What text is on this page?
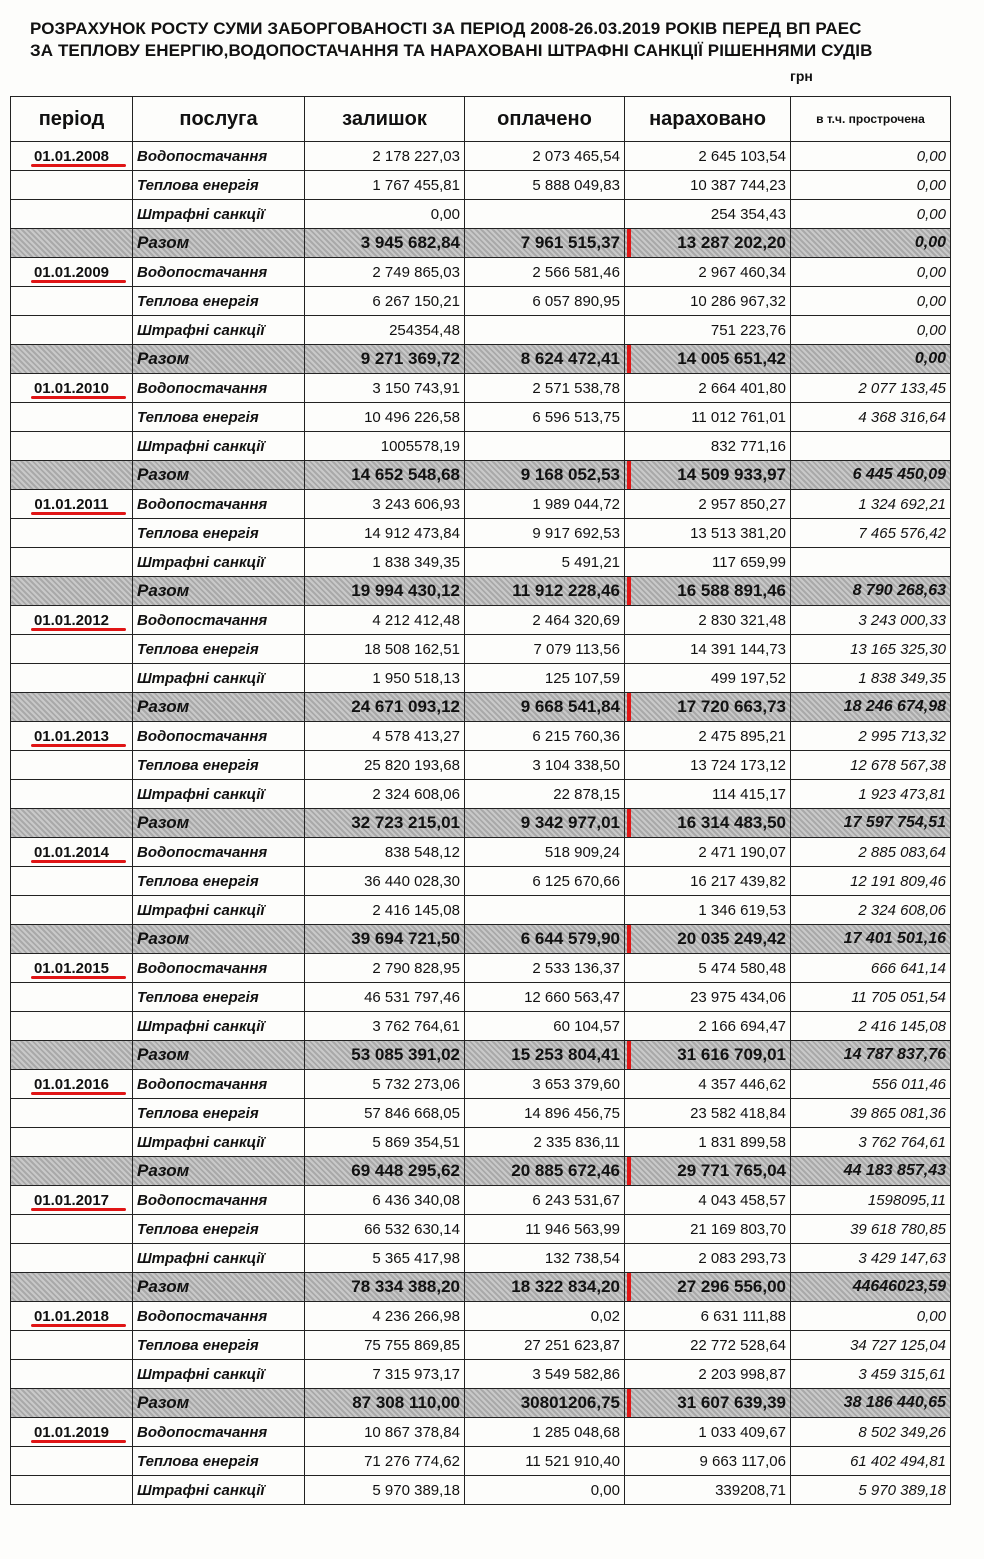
РОЗРАХУНОК РОСТУ СУМИ ЗАБОРГОВАНОСТІ ЗА ПЕРІОД 2008-26.03.2019 РОКІВ ПЕРЕД ВП РАЕС
ЗА ТЕПЛОВУ ЕНЕРГІЮ,ВОДОПОСТАЧАННЯ ТА НАРАХОВАНІ ШТРАФНІ САНКЦІЇ РІШЕННЯМИ СУДІВ
грн
період	послуга	залишок	оплачено	нараховано	в т.ч. прострочена
01.01.2008	Водопостачання	2 178 227,03	2 073 465,54	2 645 103,54	0,00
	Теплова енергія	1 767 455,81	5 888 049,83	10 387 744,23	0,00
	Штрафні санкції	0,00		254 354,43	0,00
	Разом	3 945 682,84	7 961 515,37	13 287 202,20	0,00
01.01.2009	Водопостачання	2 749 865,03	2 566 581,46	2 967 460,34	0,00
	Теплова енергія	6 267 150,21	6 057 890,95	10 286 967,32	0,00
	Штрафні санкції	254354,48		751 223,76	0,00
	Разом	9 271 369,72	8 624 472,41	14 005 651,42	0,00
01.01.2010	Водопостачання	3 150 743,91	2 571 538,78	2 664 401,80	2 077 133,45
	Теплова енергія	10 496 226,58	6 596 513,75	11 012 761,01	4 368 316,64
	Штрафні санкції	1005578,19		832 771,16	
	Разом	14 652 548,68	9 168 052,53	14 509 933,97	6 445 450,09
01.01.2011	Водопостачання	3 243 606,93	1 989 044,72	2 957 850,27	1 324 692,21
	Теплова енергія	14 912 473,84	9 917 692,53	13 513 381,20	7 465 576,42
	Штрафні санкції	1 838 349,35	5 491,21	117 659,99	
	Разом	19 994 430,12	11 912 228,46	16 588 891,46	8 790 268,63
01.01.2012	Водопостачання	4 212 412,48	2 464 320,69	2 830 321,48	3 243 000,33
	Теплова енергія	18 508 162,51	7 079 113,56	14 391 144,73	13 165 325,30
	Штрафні санкції	1 950 518,13	125 107,59	499 197,52	1 838 349,35
	Разом	24 671 093,12	9 668 541,84	17 720 663,73	18 246 674,98
01.01.2013	Водопостачання	4 578 413,27	6 215 760,36	2 475 895,21	2 995 713,32
	Теплова енергія	25 820 193,68	3 104 338,50	13 724 173,12	12 678 567,38
	Штрафні санкції	2 324 608,06	22 878,15	114 415,17	1 923 473,81
	Разом	32 723 215,01	9 342 977,01	16 314 483,50	17 597 754,51
01.01.2014	Водопостачання	838 548,12	518 909,24	2 471 190,07	2 885 083,64
	Теплова енергія	36 440 028,30	6 125 670,66	16 217 439,82	12 191 809,46
	Штрафні санкції	2 416 145,08		1 346 619,53	2 324 608,06
	Разом	39 694 721,50	6 644 579,90	20 035 249,42	17 401 501,16
01.01.2015	Водопостачання	2 790 828,95	2 533 136,37	5 474 580,48	666 641,14
	Теплова енергія	46 531 797,46	12 660 563,47	23 975 434,06	11 705 051,54
	Штрафні санкції	3 762 764,61	60 104,57	2 166 694,47	2 416 145,08
	Разом	53 085 391,02	15 253 804,41	31 616 709,01	14 787 837,76
01.01.2016	Водопостачання	5 732 273,06	3 653 379,60	4 357 446,62	556 011,46
	Теплова енергія	57 846 668,05	14 896 456,75	23 582 418,84	39 865 081,36
	Штрафні санкції	5 869 354,51	2 335 836,11	1 831 899,58	3 762 764,61
	Разом	69 448 295,62	20 885 672,46	29 771 765,04	44 183 857,43
01.01.2017	Водопостачання	6 436 340,08	6 243 531,67	4 043 458,57	1598095,11
	Теплова енергія	66 532 630,14	11 946 563,99	21 169 803,70	39 618 780,85
	Штрафні санкції	5 365 417,98	132 738,54	2 083 293,73	3 429 147,63
	Разом	78 334 388,20	18 322 834,20	27 296 556,00	44646023,59
01.01.2018	Водопостачання	4 236 266,98	0,02	6 631 111,88	0,00
	Теплова енергія	75 755 869,85	27 251 623,87	22 772 528,64	34 727 125,04
	Штрафні санкції	7 315 973,17	3 549 582,86	2 203 998,87	3 459 315,61
	Разом	87 308 110,00	30801206,75	31 607 639,39	38 186 440,65
01.01.2019	Водопостачання	10 867 378,84	1 285 048,68	1 033 409,67	8 502 349,26
	Теплова енергія	71 276 774,62	11 521 910,40	9 663 117,06	61 402 494,81
	Штрафні санкції	5 970 389,18	0,00	339208,71	5 970 389,18
